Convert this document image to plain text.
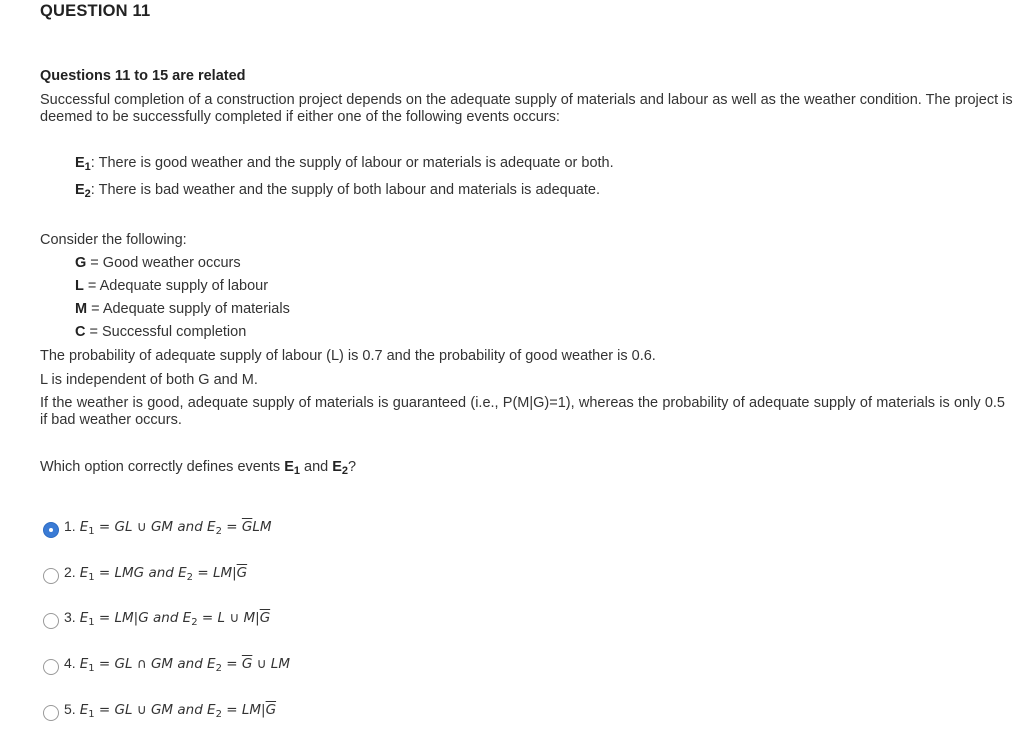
QUESTION 11
Questions 11 to 15 are related
Successful completion of a construction project depends on the adequate supply of materials and labour as well as the weather condition. The project is deemed to be successfully completed if either one of the following events occurs:
$E_1$: There is good weather and the supply of labour or materials is adequate or both.
$E_2$: There is bad weather and the supply of both labour and materials is adequate.
Consider the following:
G = Good weather occurs
L = Adequate supply of labour
M = Adequate supply of materials
C = Successful completion
The probability of adequate supply of labour (L) is 0.7 and the probability of good weather is 0.6.
L is independent of both G and M.
If the weather is good, adequate supply of materials is guaranteed (i.e., P(M|G)=1), whereas the probability of adequate supply of materials is only 0.5 if bad weather occurs.
Which option correctly defines events $E_1$ and $E_2$?
1. $E_1$ = GL ∪ GM and $E_2 = \overline{G}LM$
2. $E_1$ = LMG and $E_2 = LM|\overline{G}$
3. $E_1 = LM|G$ and $E_2 = L$ ∪ $M|\overline{G}$
4. $E_1$ = GL ∩ GM and $E_2 = \overline{G}$ ∪ LM
5. $E_1$ = GL ∪ GM and $E_2 = LM|\overline{G}$
